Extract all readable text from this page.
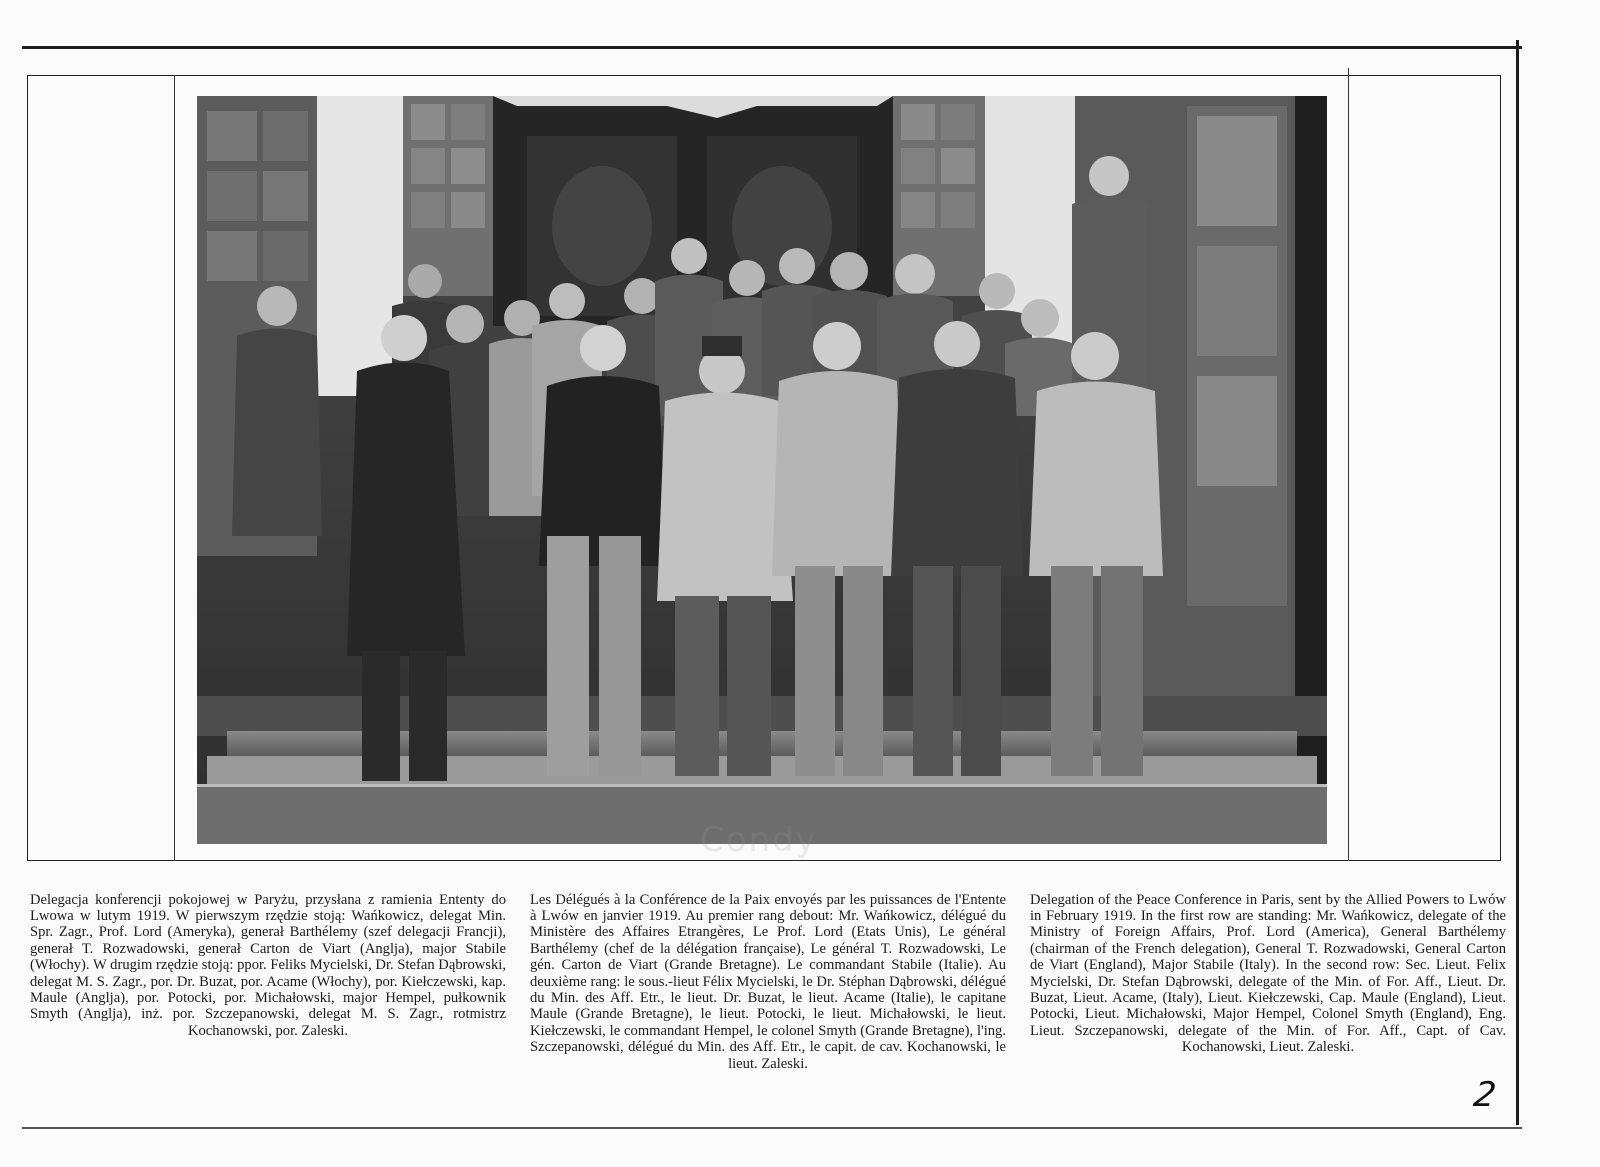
Condy

Delegacja konferencji pokojowej w Paryżu, przysłana z ramienia Ententy do Lwowa w lutym 1919. W pierwszym rzędzie stoją: Wańkowicz, delegat Min. Spr. Zagr., Prof. Lord (Ameryka), generał Barthélemy (szef delegacji Francji), generał T. Rozwadowski, generał Carton de Viart (Anglja), major Stabile (Włochy). W drugim rzędzie stoją: ppor. Feliks Mycielski, Dr. Stefan Dąbrowski, delegat M. S. Zagr., por. Dr. Buzat, por. Acame (Włochy), por. Kiełczewski, kap. Maule (Anglja), por. Potocki, por. Michałowski, major Hempel, pułkownik Smyth (Anglja), inż. por. Szczepanowski, delegat M. S. Zagr., rotmistrz Kochanowski, por. Zaleski.

Les Délégués à la Conférence de la Paix envoyés par les puissances de l'Entente à Lwów en janvier 1919. Au premier rang debout: Mr. Wańkowicz, délégué du Ministère des Affaires Etrangères, Le Prof. Lord (Etats Unis), Le général Barthélemy (chef de la délégation française), Le général T. Rozwadowski, Le gén. Carton de Viart (Grande Bretagne). Le commandant Stabile (Italie). Au deuxième rang: le sous.-lieut Félix Mycielski, le Dr. Stéphan Dąbrowski, délégué du Min. des Aff. Etr., le lieut. Dr. Buzat, le lieut. Acame (Italie), le capitane Maule (Grande Bretagne), le lieut. Potocki, le lieut. Michałowski, le lieut. Kiełczewski, le commandant Hempel, le colonel Smyth (Grande Bretagne), l'ing. Szczepanowski, délégué du Min. des Aff. Etr., le capit. de cav. Kochanowski, le lieut. Zaleski.

Delegation of the Peace Conference in Paris, sent by the Allied Powers to Lwów in February 1919. In the first row are standing: Mr. Wańkowicz, delegate of the Ministry of Foreign Affairs, Prof. Lord (America), General Barthélemy (chairman of the French delegation), General T. Rozwadowski, General Carton de Viart (England), Major Stabile (Italy). In the second row: Sec. Lieut. Felix Mycielski, Dr. Stefan Dąbrowski, delegate of the Min. of For. Aff., Lieut. Dr. Buzat, Lieut. Acame, (Italy), Lieut. Kiełczewski, Cap. Maule (England), Lieut. Potocki, Lieut. Michałowski, Major Hempel, Colonel Smyth (England), Eng. Lieut. Szczepanowski, delegate of the Min. of For. Aff., Capt. of Cav. Kochanowski, Lieut. Zaleski.

2
